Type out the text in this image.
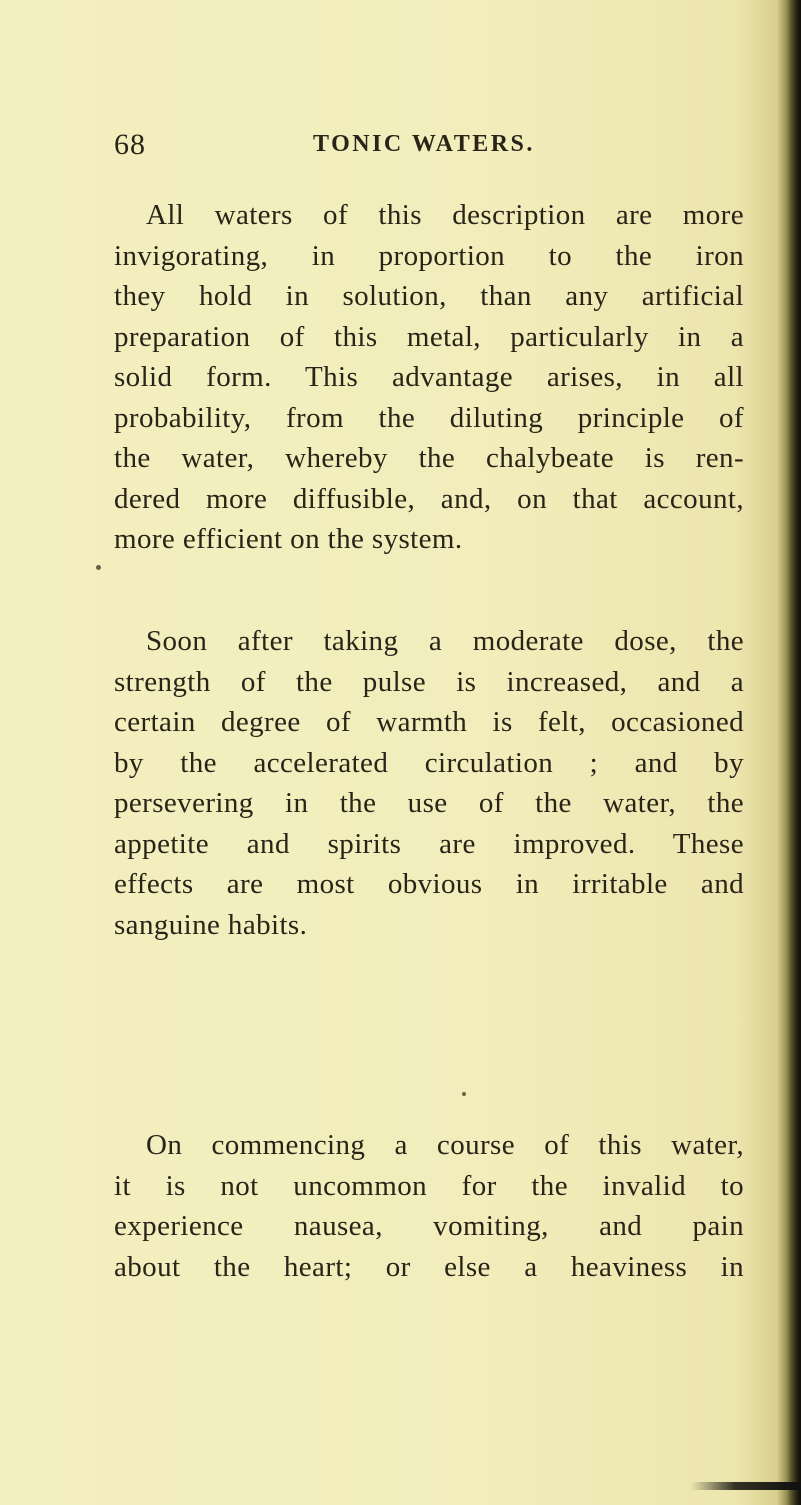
68	TONIC WATERS.
All waters of this description are more
invigorating, in proportion to the iron
they hold in solution, than any artificial
preparation of this metal, particularly in a
solid form. This advantage arises, in all
probability, from the diluting principle of
the water, whereby the chalybeate is ren-
dered more diffusible, and, on that account,
more efficient on the system.
Soon after taking a moderate dose, the
strength of the pulse is increased, and a
certain degree of warmth is felt, occasioned
by the accelerated circulation ; and by
persevering in the use of the water, the
appetite and spirits are improved. These
effects are most obvious in irritable and
sanguine habits.
On commencing a course of this water,
it is not uncommon for the invalid to
experience nausea, vomiting, and pain
about the heart; or else a heaviness in
